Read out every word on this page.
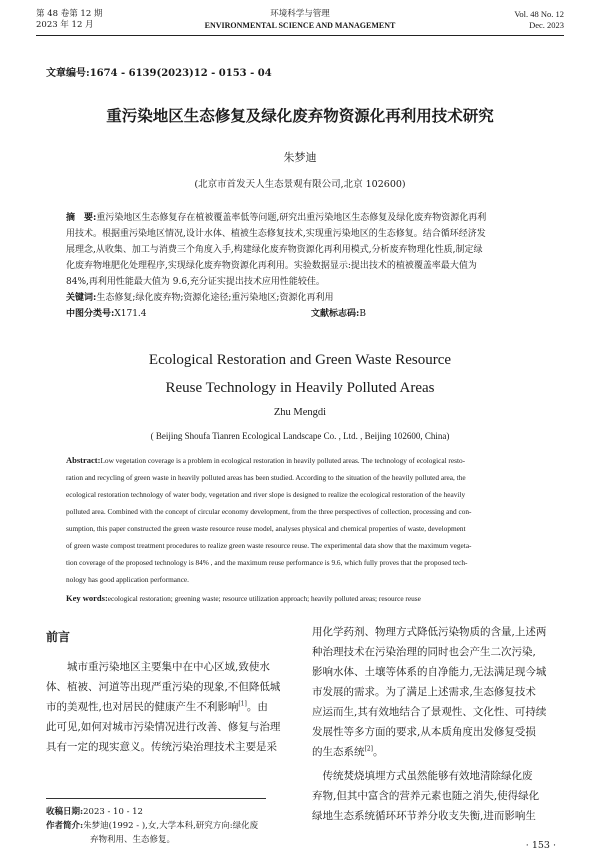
第 48 卷第 12 期
2023 年 12 月
环境科学与管理
ENVIRONMENTAL SCIENCE AND MANAGEMENT
Vol. 48 No. 12
Dec. 2023
文章编号:1674 - 6139(2023)12 - 0153 - 04
重污染地区生态修复及绿化废弃物资源化再利用技术研究
朱梦迪
(北京市首发天人生态景观有限公司,北京 102600)
摘　要:重污染地区生态修复存在植被覆盖率低等问题,研究出重污染地区生态修复及绿化废弃物资源化再利
用技术。根据重污染地区情况,设计水体、植被生态修复技术,实现重污染地区的生态修复。结合循环经济发
展理念,从收集、加工与消费三个角度入手,构建绿化废弃物资源化再利用模式,分析废弃物理化性质,制定绿
化废弃物堆肥化处理程序,实现绿化废弃物资源化再利用。实验数据显示:提出技术的植被覆盖率最大值为
84%,再利用性能最大值为 9.6,充分证实提出技术应用性能较佳。
关键词:生态修复;绿化废弃物;资源化途径;重污染地区;资源化再利用
中图分类号:X171.4	文献标志码:B
Ecological Restoration and Green Waste Resource
Reuse Technology in Heavily Polluted Areas
Zhu Mengdi
( Beijing Shoufa Tianren Ecological Landscape Co. , Ltd. , Beijing 102600, China)
Abstract:Low vegetation coverage is a problem in ecological restoration in heavily polluted areas. The technology of ecological resto-
ration and recycling of green waste in heavily polluted areas has been studied. According to the situation of the heavily polluted area, the
ecological restoration technology of water body, vegetation and river slope is designed to realize the ecological restoration of the heavily
polluted area. Combined with the concept of circular economy development, from the three perspectives of collection, processing and con-
sumption, this paper constructed the green waste resource reuse model, analyses physical and chemical properties of waste, development
of green waste compost treatment procedures to realize green waste resource reuse. The experimental data show that the maximum vegeta-
tion coverage of the proposed technology is 84% , and the maximum reuse performance is 9.6, which fully proves that the proposed tech-
nology has good application performance.
Key words:ecological restoration; greening waste; resource utilization approach; heavily polluted areas; resource reuse
前言
城市重污染地区主要集中在中心区域,致使水
体、植被、河道等出现严重污染的现象,不但降低城
市的美观性,也对居民的健康产生不利影响[1]。由
此可见,如何对城市污染情况进行改善、修复与治理
具有一定的现实意义。传统污染治理技术主要是采
收稿日期:2023 - 10 - 12
作者简介:朱梦迪(1992 - ),女,大学本科,研究方向:绿化废
弃物利用、生态修复。
用化学药剂、物理方式降低污染物质的含量,上述两
种治理技术在污染治理的同时也会产生二次污染,
影响水体、土壤等体系的自净能力,无法满足现今城
市发展的需求。为了满足上述需求,生态修复技术
应运而生,其有效地结合了景观性、文化性、可持续
发展性等多方面的要求,从本质角度出发修复受损
的生态系统[2]。
　传统焚烧填埋方式虽然能够有效地清除绿化废
弃物,但其中富含的营养元素也随之消失,使得绿化
绿地生态系统循环环节养分收支失衡,进而影响生
· 153 ·
